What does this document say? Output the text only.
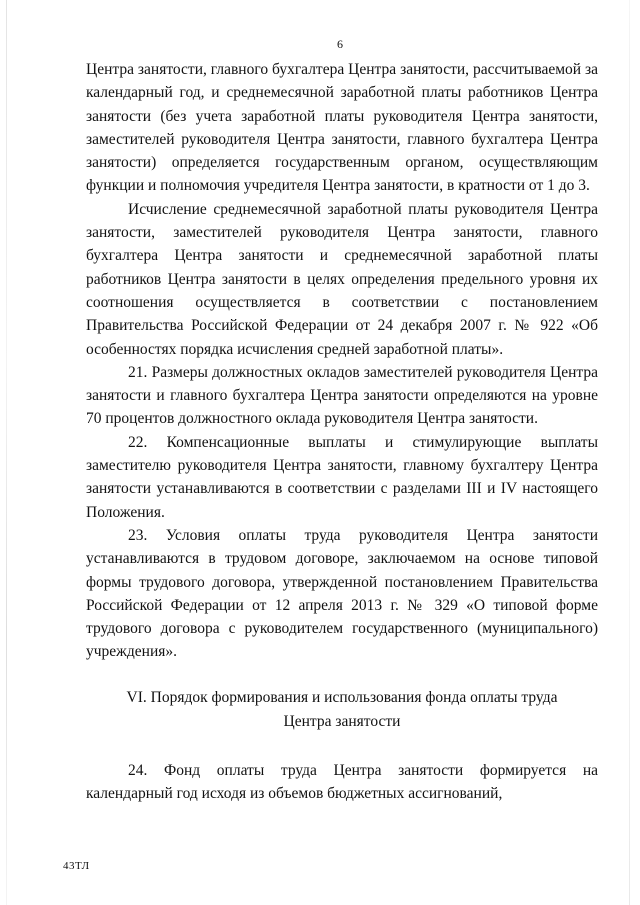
6

Центра занятости, главного бухгалтера Центра занятости, рассчитываемой за календарный год, и среднемесячной заработной платы работников Центра занятости (без учета заработной платы руководителя Центра занятости, заместителей руководителя Центра занятости, главного бухгалтера Центра занятости) определяется государственным органом, осуществляющим функции и полномочия учредителя Центра занятости, в кратности от 1 до 3.

Исчисление среднемесячной заработной платы руководителя Центра занятости, заместителей руководителя Центра занятости, главного бухгалтера Центра занятости и среднемесячной заработной платы работников Центра занятости в целях определения предельного уровня их соотношения осуществляется в соответствии с постановлением Правительства Российской Федерации от 24 декабря 2007 г. № 922 «Об особенностях порядка исчисления средней заработной платы».

21. Размеры должностных окладов заместителей руководителя Центра занятости и главного бухгалтера Центра занятости определяются на уровне 70 процентов должностного оклада руководителя Центра занятости.

22. Компенсационные выплаты и стимулирующие выплаты заместителю руководителя Центра занятости, главному бухгалтеру Центра занятости устанавливаются в соответствии с разделами III и IV настоящего Положения.

23. Условия оплаты труда руководителя Центра занятости устанавливаются в трудовом договоре, заключаемом на основе типовой формы трудового договора, утвержденной постановлением Правительства Российской Федерации от 12 апреля 2013 г. № 329 «О типовой форме трудового договора с руководителем государственного (муниципального) учреждения».

VI. Порядок формирования и использования фонда оплаты труда
Центра занятости

24. Фонд оплаты труда Центра занятости формируется на календарный год исходя из объемов бюджетных ассигнований,

43ТЛ
